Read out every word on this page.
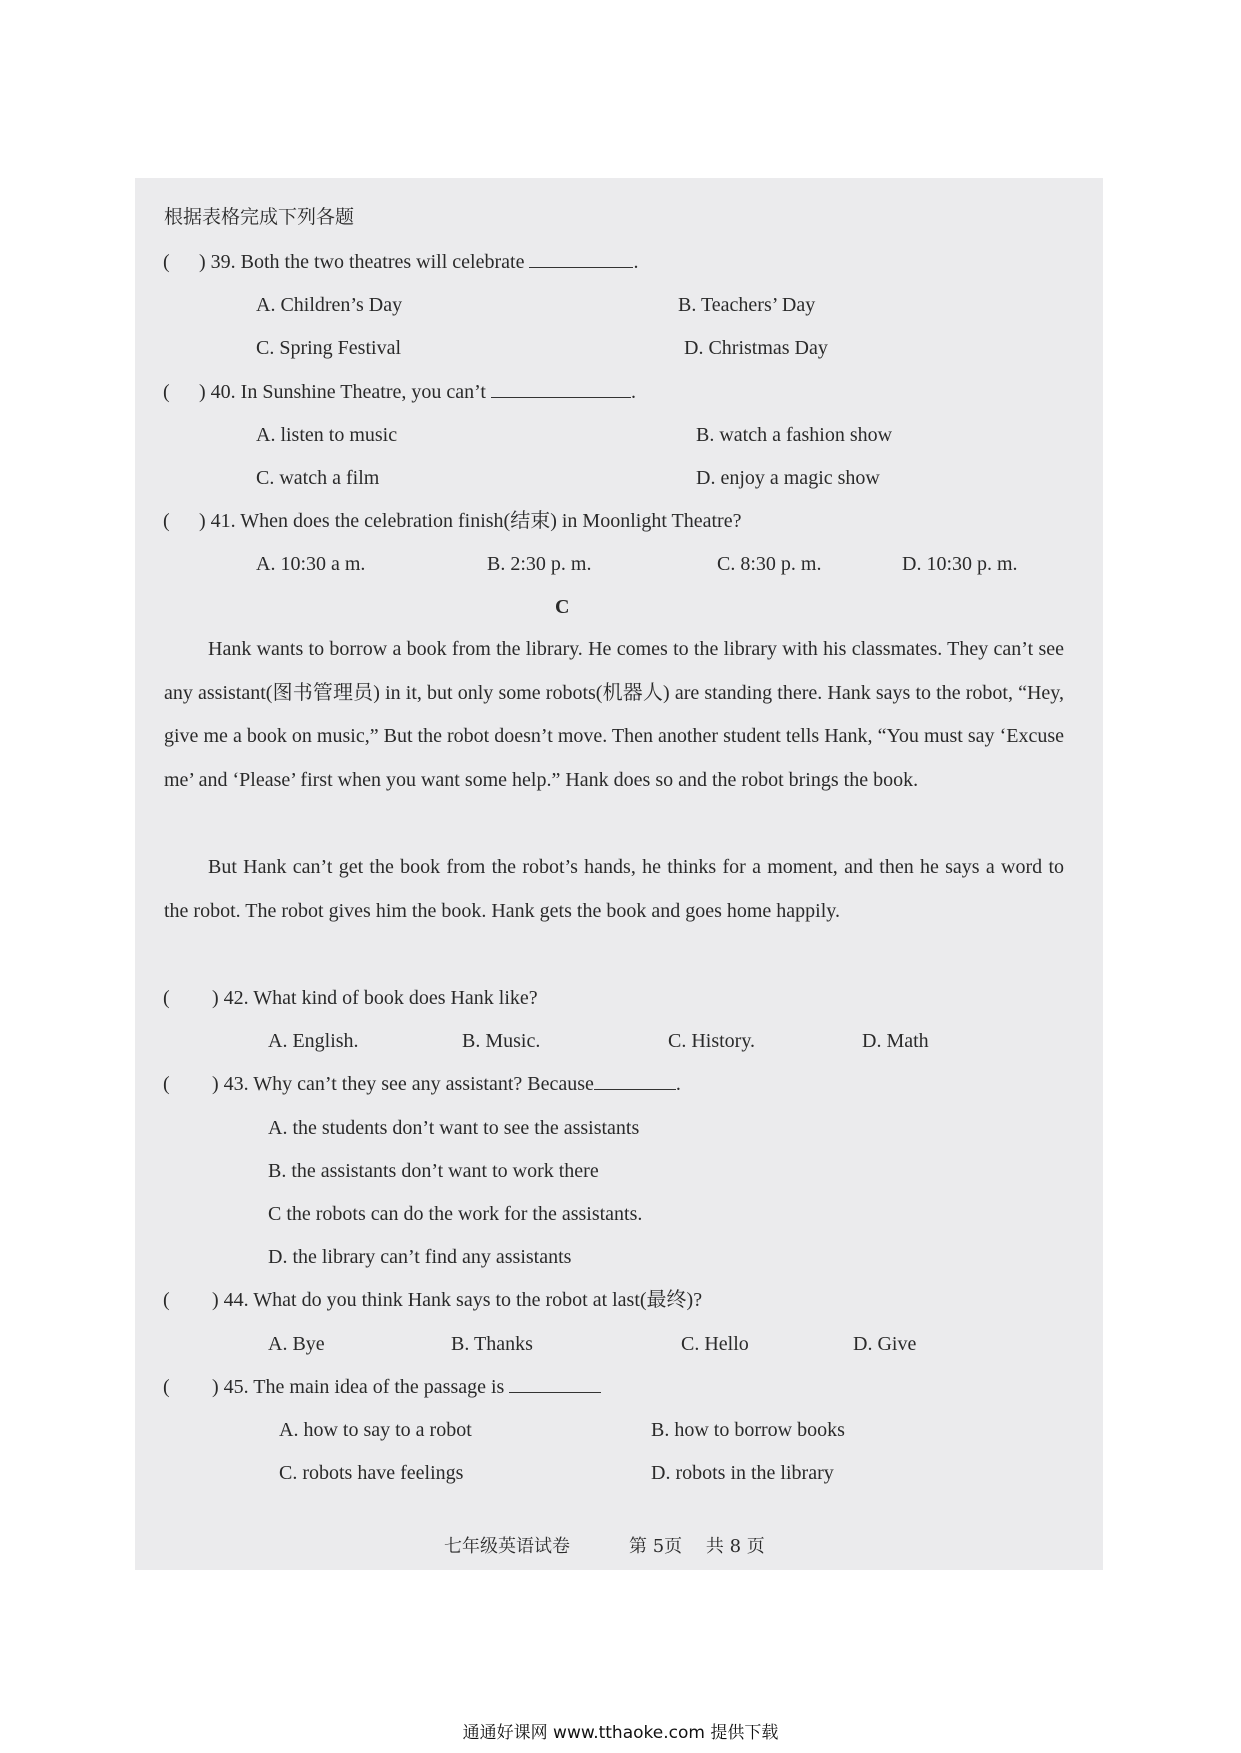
根据表格完成下列各题
( ) 39. Both the two theatres will celebrate	.
A. Children’s Day	B. Teachers’ Day
C. Spring Festival	D. Christmas Day
( ) 40. In Sunshine Theatre, you can’t	.
A. listen to music	B. watch a fashion show
C. watch a film	D. enjoy a magic show
( ) 41. When does the celebration finish(结束) in Moonlight Theatre?
A. 10:30 a m.	B. 2:30 p. m.	C. 8:30 p. m.	D. 10:30 p. m.
C
Hank wants to borrow a book from the library. He comes to the library with his classmates. They can’t see any assistant(图书管理员) in it, but only some robots(机器人) are standing there. Hank says to the robot, “Hey, give me a book on music,” But the robot doesn’t move. Then another student tells Hank, “You must say ‘Excuse me’ and ‘Please’ first when you want some help.” Hank does so and the robot brings the book.
But Hank can’t get the book from the robot’s hands, he thinks for a moment, and then he says a word to the robot. The robot gives him the book. Hank gets the book and goes home happily.
( ) 42. What kind of book does Hank like?
A. English.	B. Music.	C. History.	D. Math
( ) 43. Why can’t they see any assistant? Because	.
A. the students don’t want to see the assistants
B. the assistants don’t want to work there
C the robots can do the work for the assistants.
D. the library can’t find any assistants
( ) 44. What do you think Hank says to the robot at last(最终)?
A. Bye	B. Thanks	C. Hello	D. Give
( ) 45. The main idea of the passage is
A. how to say to a robot	B. how to borrow books
C. robots have feelings	D. robots in the library
七年级英语试卷	第 5页　 共 8 页
通通好课网 www.tthaoke.com 提供下载
